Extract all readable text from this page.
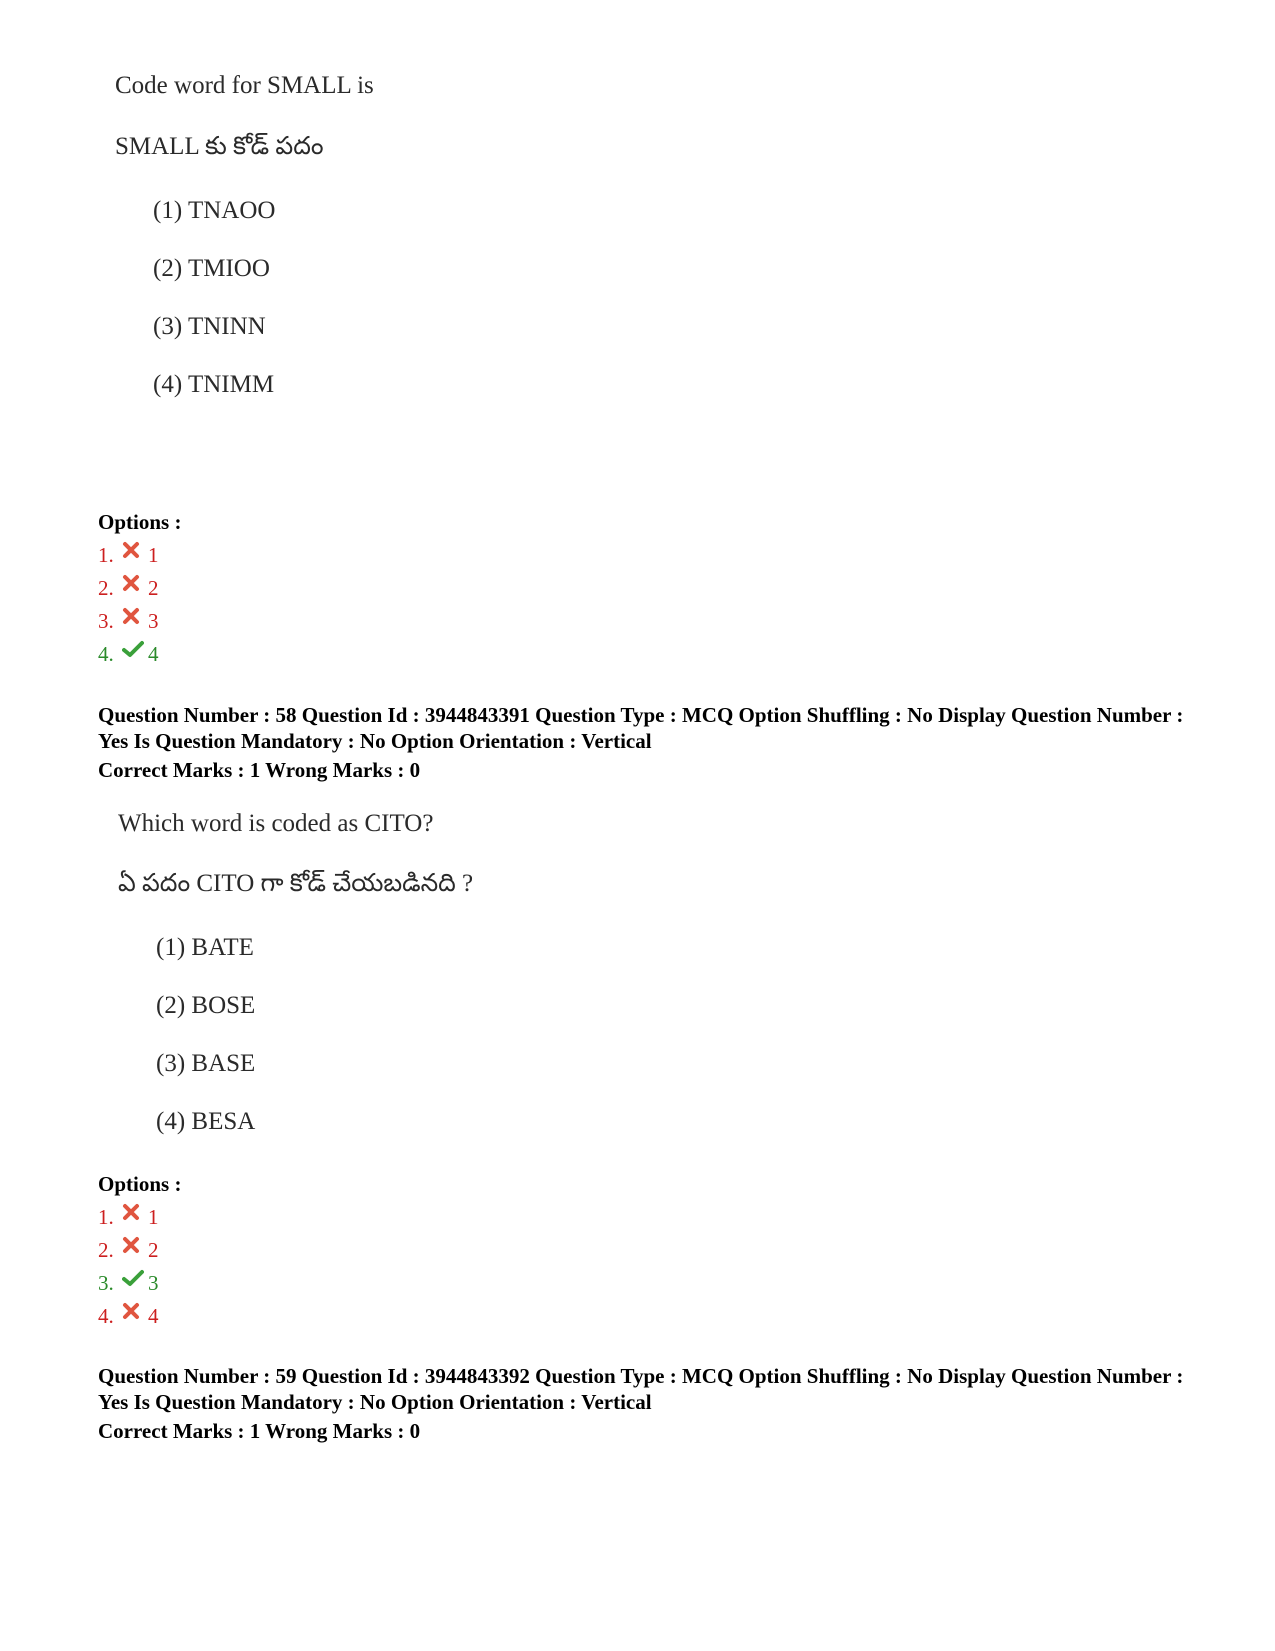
Code word for SMALL is
SMALL కు కోడ్ పదం
(1) TNAOO
(2) TMIOO
(3) TNINN
(4) TNIMM
Options :
1.	1
2.	2
3.	3
4.	4
Question Number : 58 Question Id : 3944843391 Question Type : MCQ Option Shuffling : No Display Question Number : Yes Is Question Mandatory : No Option Orientation : Vertical
Correct Marks : 1 Wrong Marks : 0
Which word is coded as CITO?
ఏ పదం CITO గా కోడ్ చేయబడినది ?
(1) BATE
(2) BOSE
(3) BASE
(4) BESA
Options :
1.	1
2.	2
3.	3
4.	4
Question Number : 59 Question Id : 3944843392 Question Type : MCQ Option Shuffling : No Display Question Number : Yes Is Question Mandatory : No Option Orientation : Vertical
Correct Marks : 1 Wrong Marks : 0
